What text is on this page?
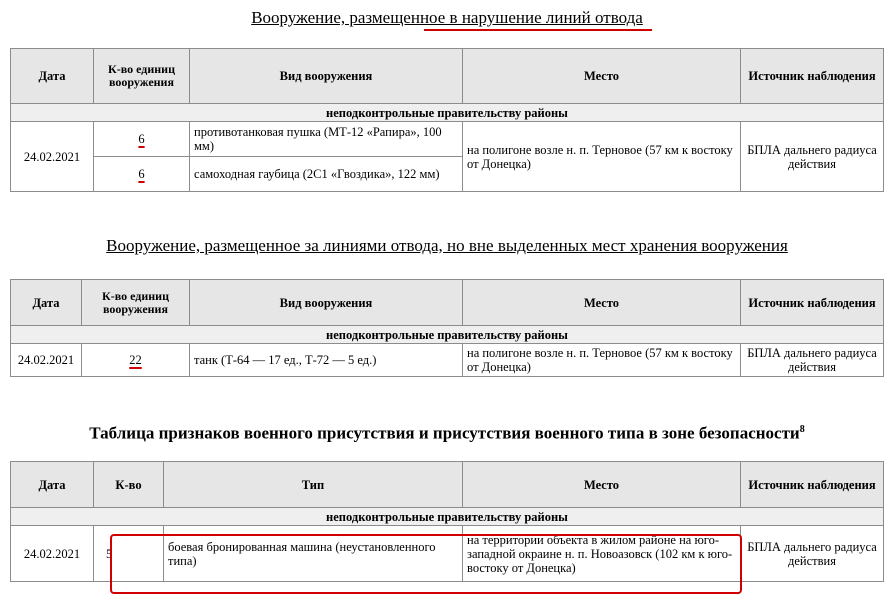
Вооружение, размещенное в нарушение линий отвода
Дата	К-во единиц вооружения	Вид вооружения	Место	Источник наблюдения
неподконтрольные правительству районы				
24.02.2021	6	противотанковая пушка (МТ-12 «Рапира», 100 мм)	на полигоне возле н. п. Терновое (57 км к востоку от Донецка)	БПЛА дальнего радиуса действия
	6	самоходная гаубица (2С1 «Гвоздика», 122 мм)		
Вооружение, размещенное за линиями отвода, но вне выделенных мест хранения вооружения
Дата	К-во единиц вооружения	Вид вооружения	Место	Источник наблюдения
неподконтрольные правительству районы				
24.02.2021	22	танк (Т-64 — 17 ед., Т-72 — 5 ед.)	на полигоне возле н. п. Терновое (57 км к востоку от Донецка)	БПЛА дальнего радиуса действия
Таблица признаков военного присутствия и присутствия военного типа в зоне безопасности$^8$
Дата	К-во	Тип	Место	Источник наблюдения
неподконтрольные правительству районы				
24.02.2021	5	боевая бронированная машина (неустановленного типа)	на территории объекта в жилом районе на юго-западной окраине н. п. Новоазовск (102 км к юго-востоку от Донецка)	БПЛА дальнего радиуса действия
